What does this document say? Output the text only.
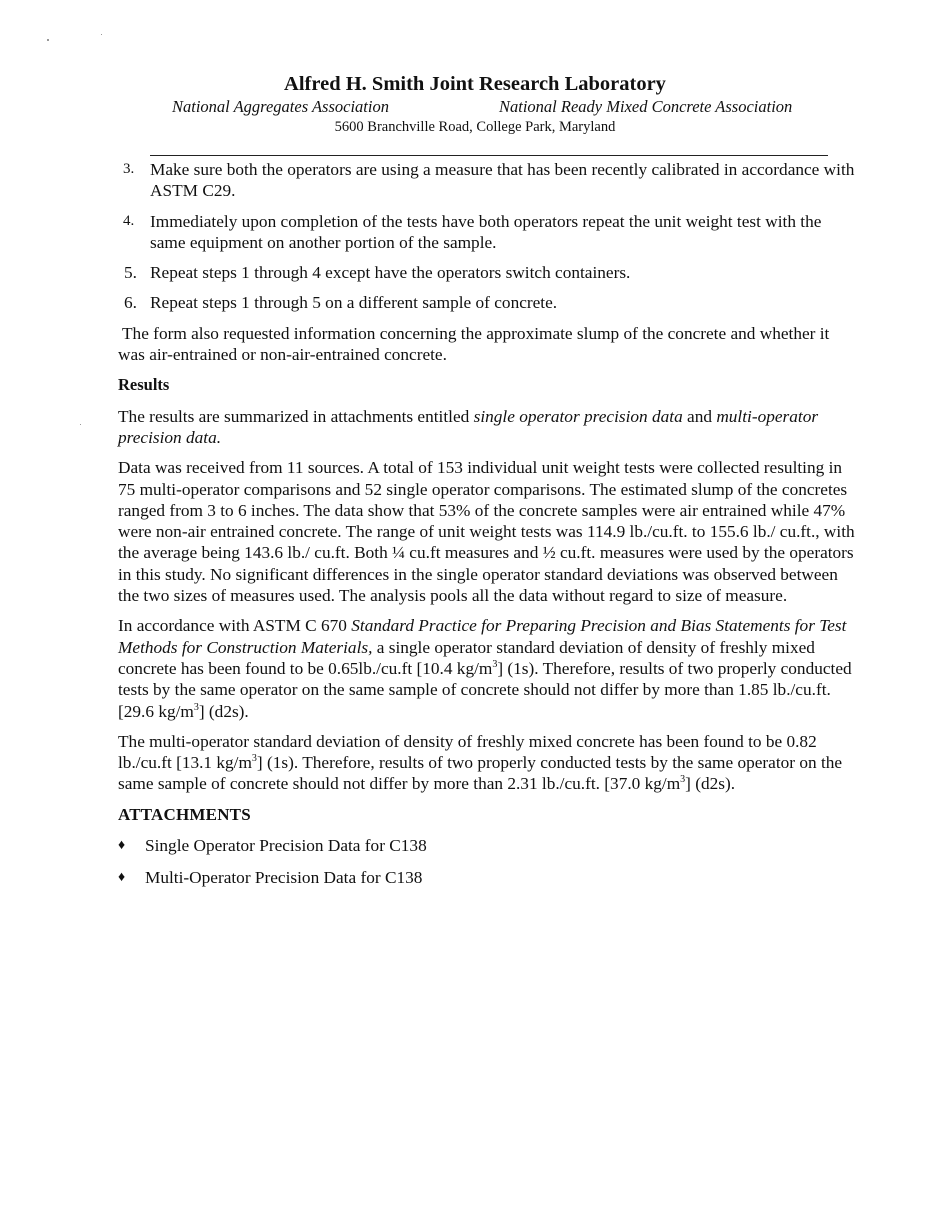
Alfred H. Smith Joint Research Laboratory
National Aggregates Association	National Ready Mixed Concrete Association
5600 Branchville Road, College Park, Maryland
3. Make sure both the operators are using a measure that has been recently calibrated in accordance with ASTM C29.
4. Immediately upon completion of the tests have both operators repeat the unit weight test with the same equipment on another portion of the sample.
5. Repeat steps 1 through 4 except have the operators switch containers.
6. Repeat steps 1 through 5 on a different sample of concrete.

The form also requested information concerning the approximate slump of the concrete and whether it was air-entrained or non-air-entrained concrete.

Results

The results are summarized in attachments entitled single operator precision data and multi-operator precision data.

Data was received from 11 sources. A total of 153 individual unit weight tests were collected resulting in 75 multi-operator comparisons and 52 single operator comparisons. The estimated slump of the concretes ranged from 3 to 6 inches. The data show that 53% of the concrete samples were air entrained while 47% were non-air entrained concrete. The range of unit weight tests was 114.9 lb./cu.ft. to 155.6 lb./ cu.ft., with the average being 143.6 lb./ cu.ft. Both ¼ cu.ft measures and ½ cu.ft. measures were used by the operators in this study. No significant differences in the single operator standard deviations was observed between the two sizes of measures used. The analysis pools all the data without regard to size of measure.

In accordance with ASTM C 670 Standard Practice for Preparing Precision and Bias Statements for Test Methods for Construction Materials, a single operator standard deviation of density of freshly mixed concrete has been found to be 0.65lb./cu.ft [10.4 $kg/m^3$] (1s). Therefore, results of two properly conducted tests by the same operator on the same sample of concrete should not differ by more than 1.85 lb./cu.ft. [29.6 $kg/m^3$] (d2s).

The multi-operator standard deviation of density of freshly mixed concrete has been found to be 0.82 lb./cu.ft [13.1 $kg/m^3$] (1s). Therefore, results of two properly conducted tests by the same operator on the same sample of concrete should not differ by more than 2.31 lb./cu.ft. [37.0 $kg/m^3$] (d2s).

ATTACHMENTS
♦ Single Operator Precision Data for C138
♦ Multi-Operator Precision Data for C138
